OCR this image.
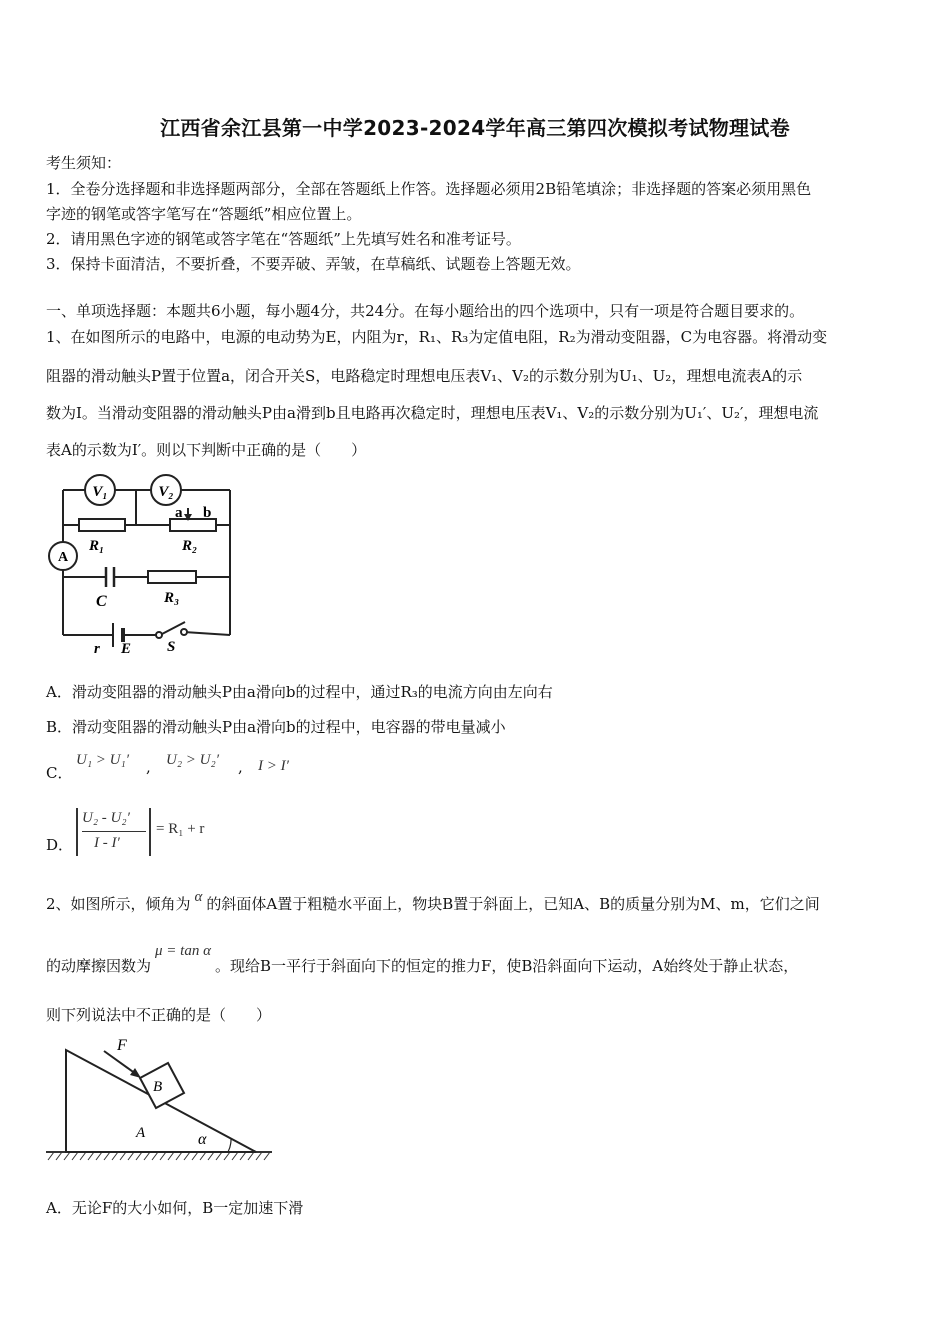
江西省余江县第一中学2023-2024学年高三第四次模拟考试物理试卷
考生须知：
1．全卷分选择题和非选择题两部分，全部在答题纸上作答。选择题必须用2B铅笔填涂；非选择题的答案必须用黑色
字迹的钢笔或答字笔写在“答题纸”相应位置上。
2．请用黑色字迹的钢笔或答字笔在“答题纸”上先填写姓名和准考证号。
3．保持卡面清洁，不要折叠，不要弄破、弄皱，在草稿纸、试题卷上答题无效。
一、单项选择题：本题共6小题，每小题4分，共24分。在每小题给出的四个选项中，只有一项是符合题目要求的。
1、在如图所示的电路中，电源的电动势为E，内阻为r，R₁、R₃为定值电阻，R₂为滑动变阻器，C为电容器。将滑动变
阻器的滑动触头P置于位置a，闭合开关S，电路稳定时理想电压表V₁、V₂的示数分别为U₁、U₂，理想电流表A的示
数为I。当滑动变阻器的滑动触头P由a滑到b且电路再次稳定时，理想电压表V₁、V₂的示数分别为U₁′、U₂′，理想电流
表A的示数为I′。则以下判断中正确的是（　　）
V₁	V₂
a b
R₁	R₂
A
C	R₃
r E S
A．滑动变阻器的滑动触头P由a滑向b的过程中，通过R₃的电流方向由左向右
B．滑动变阻器的滑动触头P由a滑向b的过程中，电容器的带电量减小
C．
U₁ > U₁′ , U₂ > U₂′ , I > I′
D．
U₂ - U₂′
I - I′
= R₁ + r
2、如图所示，倾角为 α 的斜面体A置于粗糙水平面上，物块B置于斜面上，已知A、B的质量分别为M、m，它们之间
的动摩擦因数为μ = tan α。现给B一平行于斜面向下的恒定的推力F，使B沿斜面向下运动，A始终处于静止状态，
则下列说法中不正确的是（　　）
F
B
A	α
A．无论F的大小如何，B一定加速下滑
